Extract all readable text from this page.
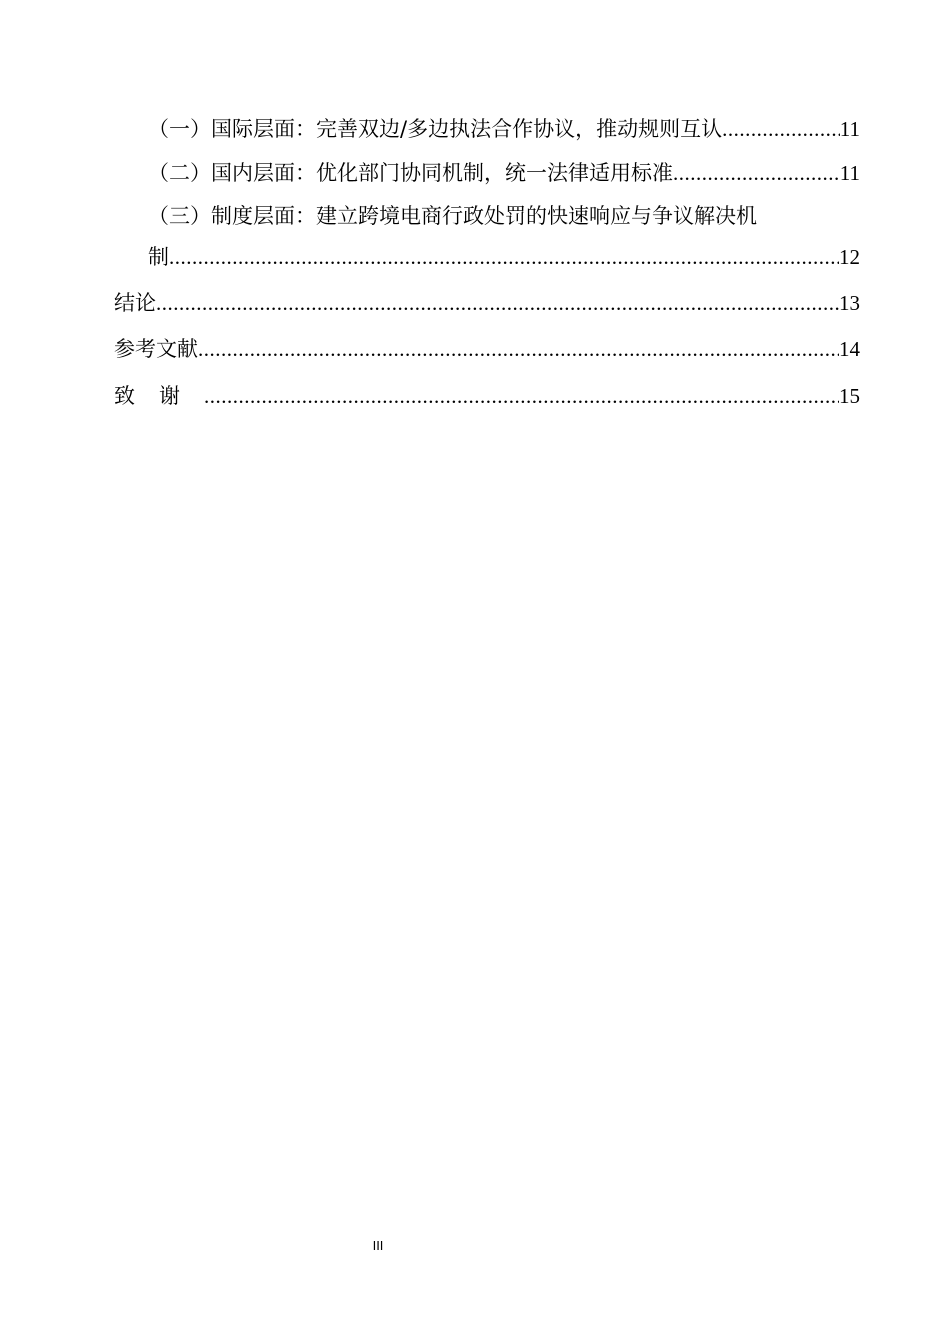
（一）国际层面：完善双边/多边执法合作协议，推动规则互认 .....	11
（二）国内层面：优化部门协同机制，统一法律适用标准 .....	11
（三）制度层面：建立跨境电商行政处罚的快速响应与争议解决机
制 .....	12
结论 .....	13
参考文献 .....	14
致谢 .....	15
III
